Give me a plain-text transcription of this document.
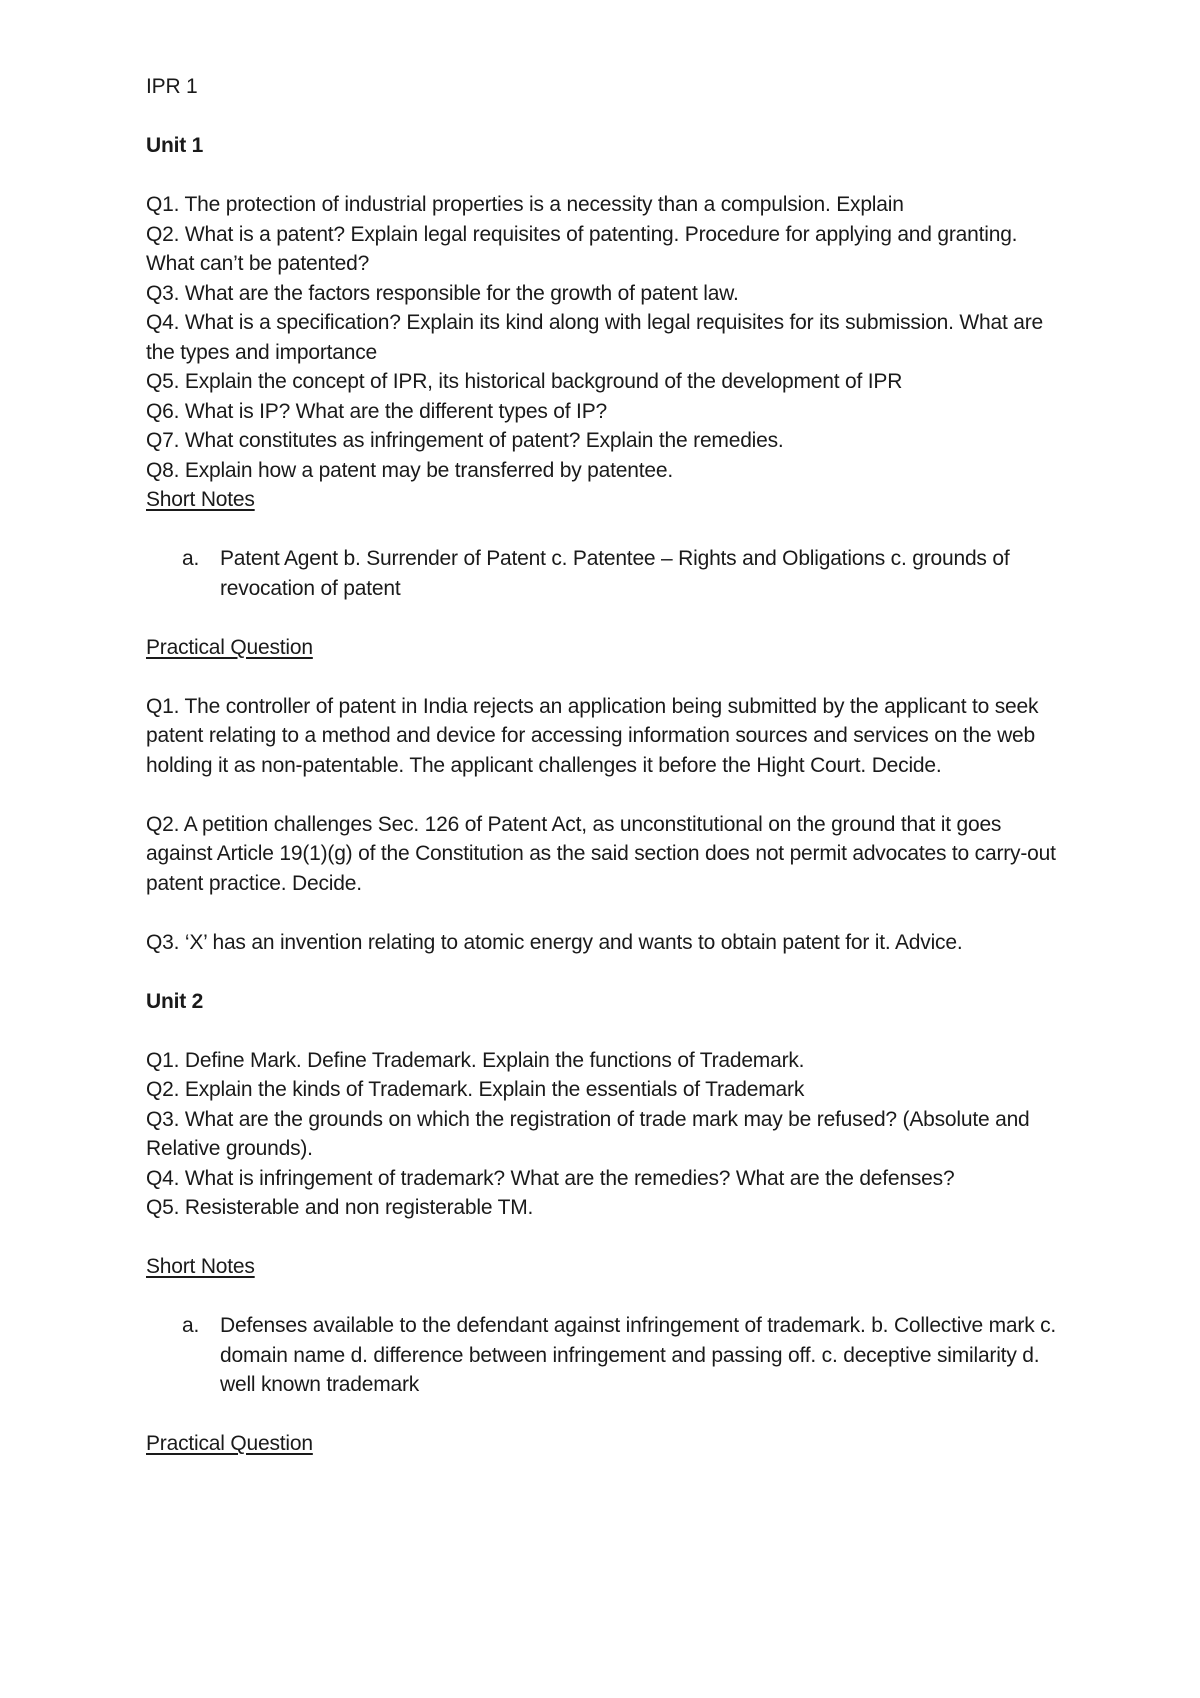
IPR 1

Unit 1

Q1. The protection of industrial properties is a necessity than a compulsion. Explain

Q2. What is a patent? Explain legal requisites of patenting. Procedure for applying and granting. What can’t be patented?

Q3. What are the factors responsible for the growth of patent law.

Q4. What is a specification? Explain its kind along with legal requisites for its submission. What are the types and importance

Q5. Explain the concept of IPR, its historical background of the development of IPR

Q6. What is IP? What are the different types of IP?

Q7. What constitutes as infringement of patent? Explain the remedies.

Q8. Explain how a patent may be transferred by patentee.

Short Notes

a. Patent Agent b. Surrender of Patent c. Patentee – Rights and Obligations c. grounds of revocation of patent

Practical Question

Q1. The controller of patent in India rejects an application being submitted by the applicant to seek patent relating to a method and device for accessing information sources and services on the web holding it as non-patentable. The applicant challenges it before the Hight Court. Decide.

Q2. A petition challenges Sec. 126 of Patent Act, as unconstitutional on the ground that it goes against Article 19(1)(g) of the Constitution as the said section does not permit advocates to carry-out patent practice. Decide.

Q3. ‘X’ has an invention relating to atomic energy and wants to obtain patent for it. Advice.

Unit 2

Q1. Define Mark. Define Trademark. Explain the functions of Trademark.

Q2. Explain the kinds of Trademark. Explain the essentials of Trademark

Q3. What are the grounds on which the registration of trade mark may be refused? (Absolute and Relative grounds).

Q4. What is infringement of trademark? What are the remedies? What are the defenses?

Q5. Resisterable and non registerable TM.

Short Notes

a. Defenses available to the defendant against infringement of trademark. b. Collective mark c. domain name d. difference between infringement and passing off. c. deceptive similarity d. well known trademark

Practical Question
